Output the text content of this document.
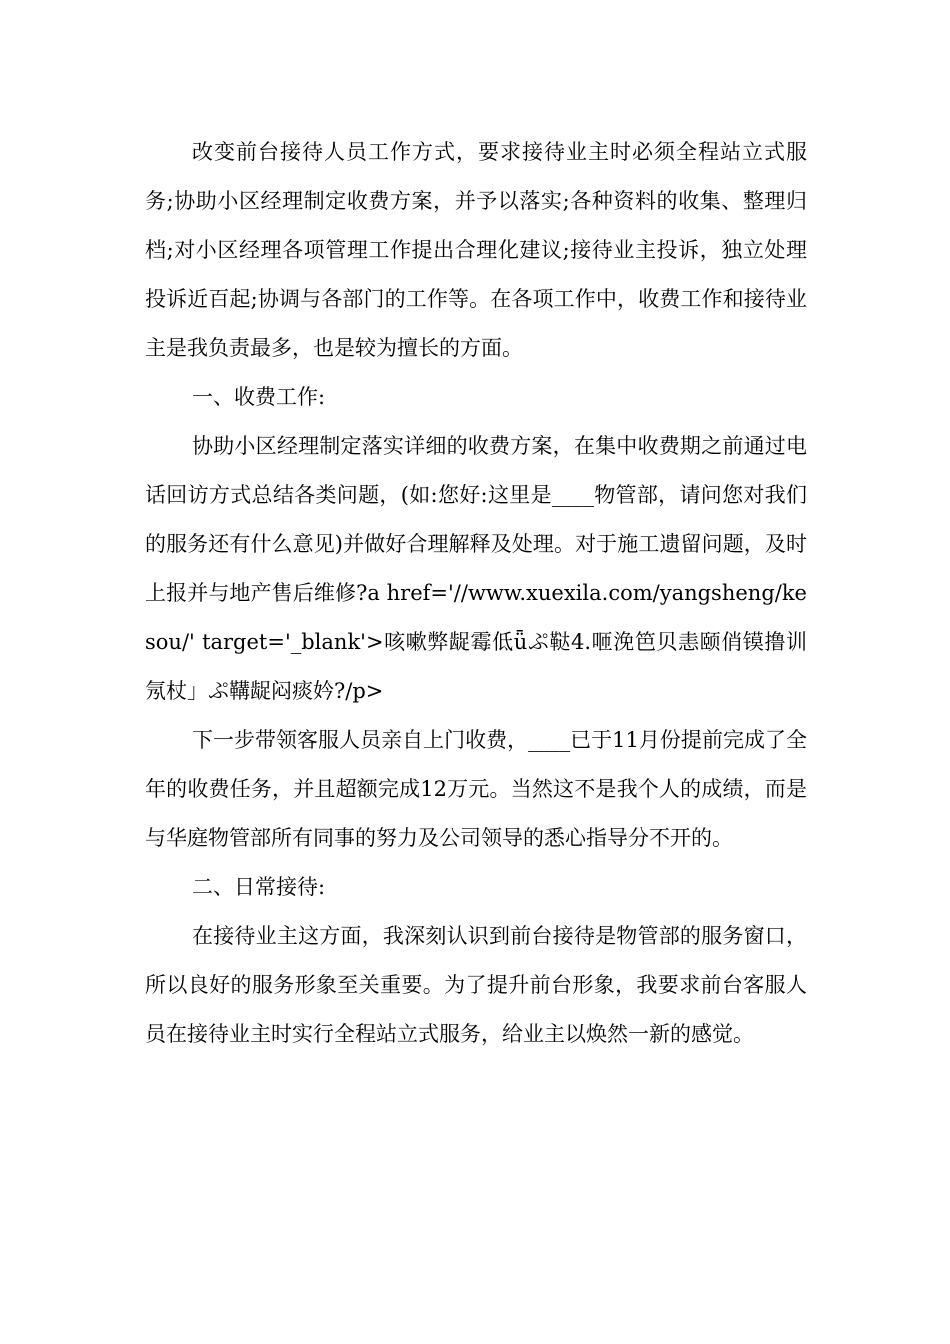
改变前台接待人员工作方式，要求接待业主时必须全程站立式服务;协助小区经理制定收费方案，并予以落实;各种资料的收集、整理归档;对小区经理各项管理工作提出合理化建议;接待业主投诉，独立处理投诉近百起;协调与各部门的工作等。在各项工作中，收费工作和接待业主是我负责最多，也是较为擅长的方面。

一、收费工作:

协助小区经理制定落实详细的收费方案，在集中收费期之前通过电话回访方式总结各类问题，(如:您好:这里是____物管部，请问您对我们的服务还有什么意见)并做好合理解释及处理。对于施工遗留问题，及时上报并与地产售后维修?a href='//www.xuexila.com/yangsheng/kesou/' target='_blank'>咳嗽弊龊霉低ǖぷ鞑4.咂浼笆贝恚颐俏镆撸训氖杖」ぷ鞲龊闷痰妗?/p>

下一步带领客服人员亲自上门收费，____已于11月份提前完成了全年的收费任务，并且超额完成12万元。当然这不是我个人的成绩，而是与华庭物管部所有同事的努力及公司领导的悉心指导分不开的。

二、日常接待:

在接待业主这方面，我深刻认识到前台接待是物管部的服务窗口，所以良好的服务形象至关重要。为了提升前台形象，我要求前台客服人员在接待业主时实行全程站立式服务，给业主以焕然一新的感觉。
